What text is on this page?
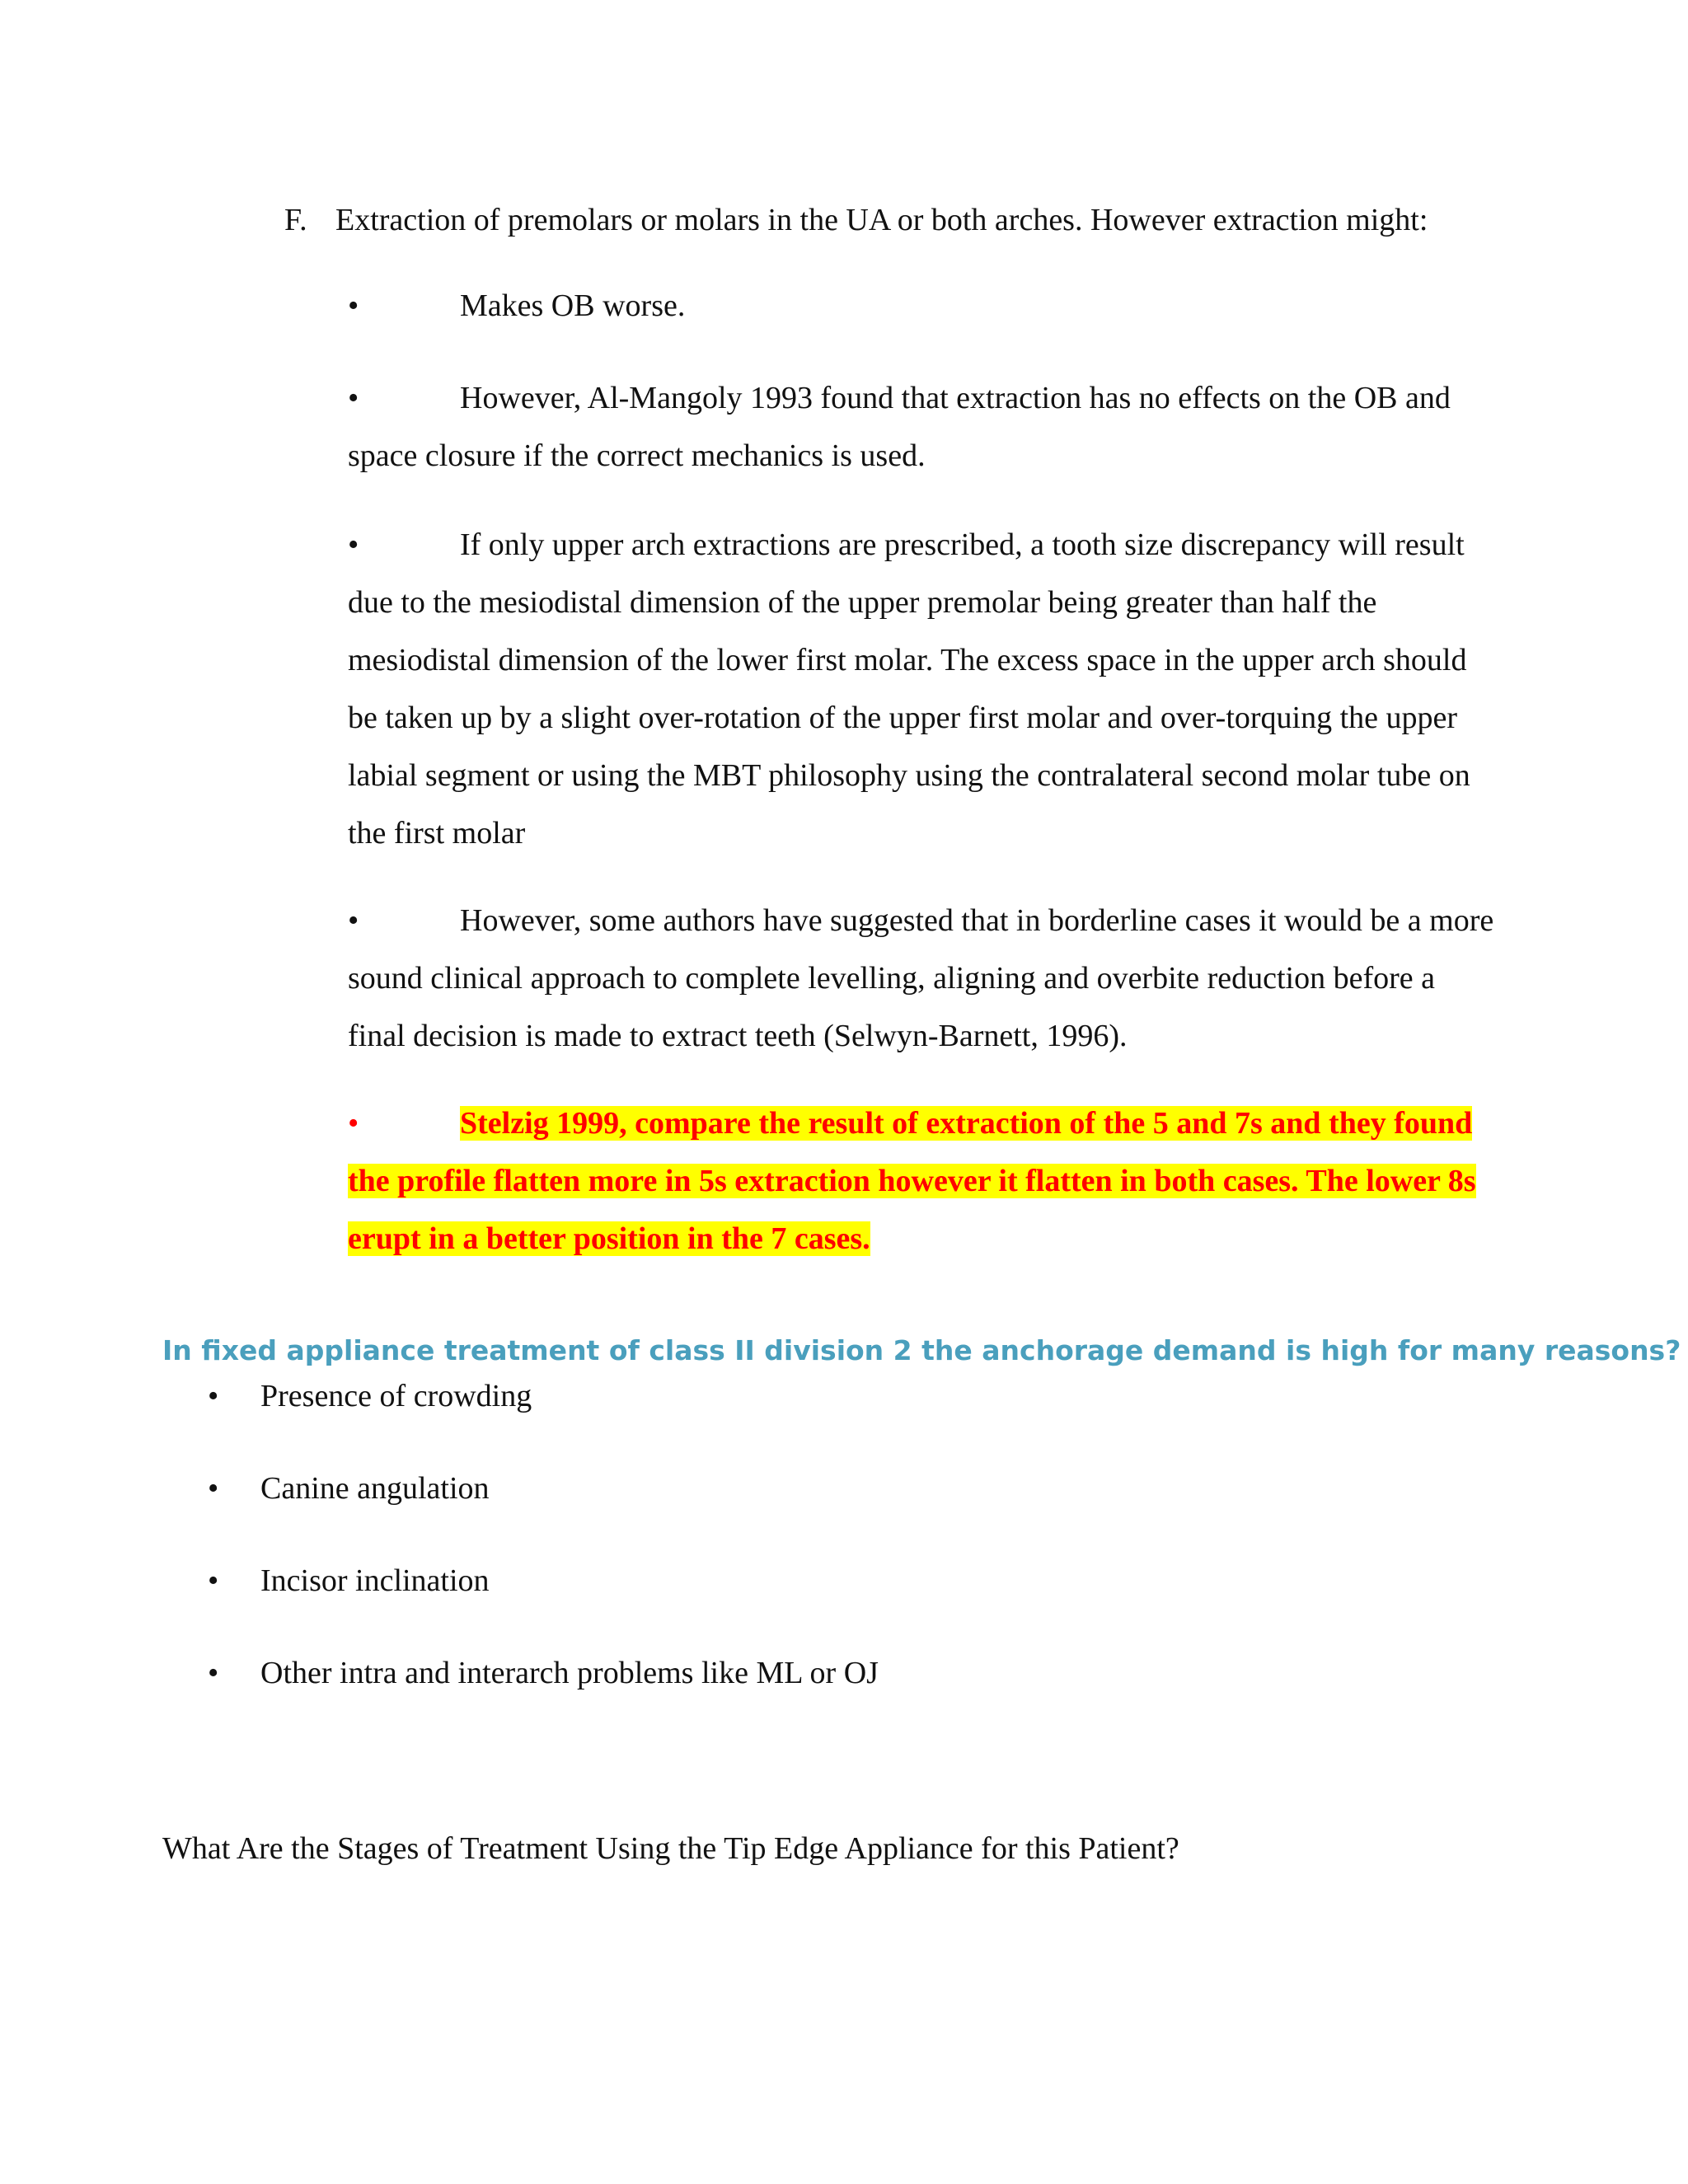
F. Extraction of premolars or molars in the UA or both arches. However extraction might:
•	Makes OB worse.
•	However, Al-Mangoly 1993 found that extraction has no effects on the OB and
space closure if the correct mechanics is used.
•	If only upper arch extractions are prescribed, a tooth size discrepancy will result
due to the mesiodistal dimension of the upper premolar being greater than half the
mesiodistal dimension of the lower first molar. The excess space in the upper arch should
be taken up by a slight over-rotation of the upper first molar and over-torquing the upper
labial segment or using the MBT philosophy using the contralateral second molar tube on
the first molar
•	However, some authors have suggested that in borderline cases it would be a more
sound clinical approach to complete levelling, aligning and overbite reduction before a
final decision is made to extract teeth (Selwyn-Barnett, 1996).
•	Stelzig 1999, compare the result of extraction of the 5 and 7s and they found
the profile flatten more in 5s extraction however it flatten in both cases. The lower 8s
erupt in a better position in the 7 cases.
In fixed appliance treatment of class II division 2 the anchorage demand is high for many reasons?
• Presence of crowding
• Canine angulation
• Incisor inclination
• Other intra and interarch problems like ML or OJ
What Are the Stages of Treatment Using the Tip Edge Appliance for this Patient?
